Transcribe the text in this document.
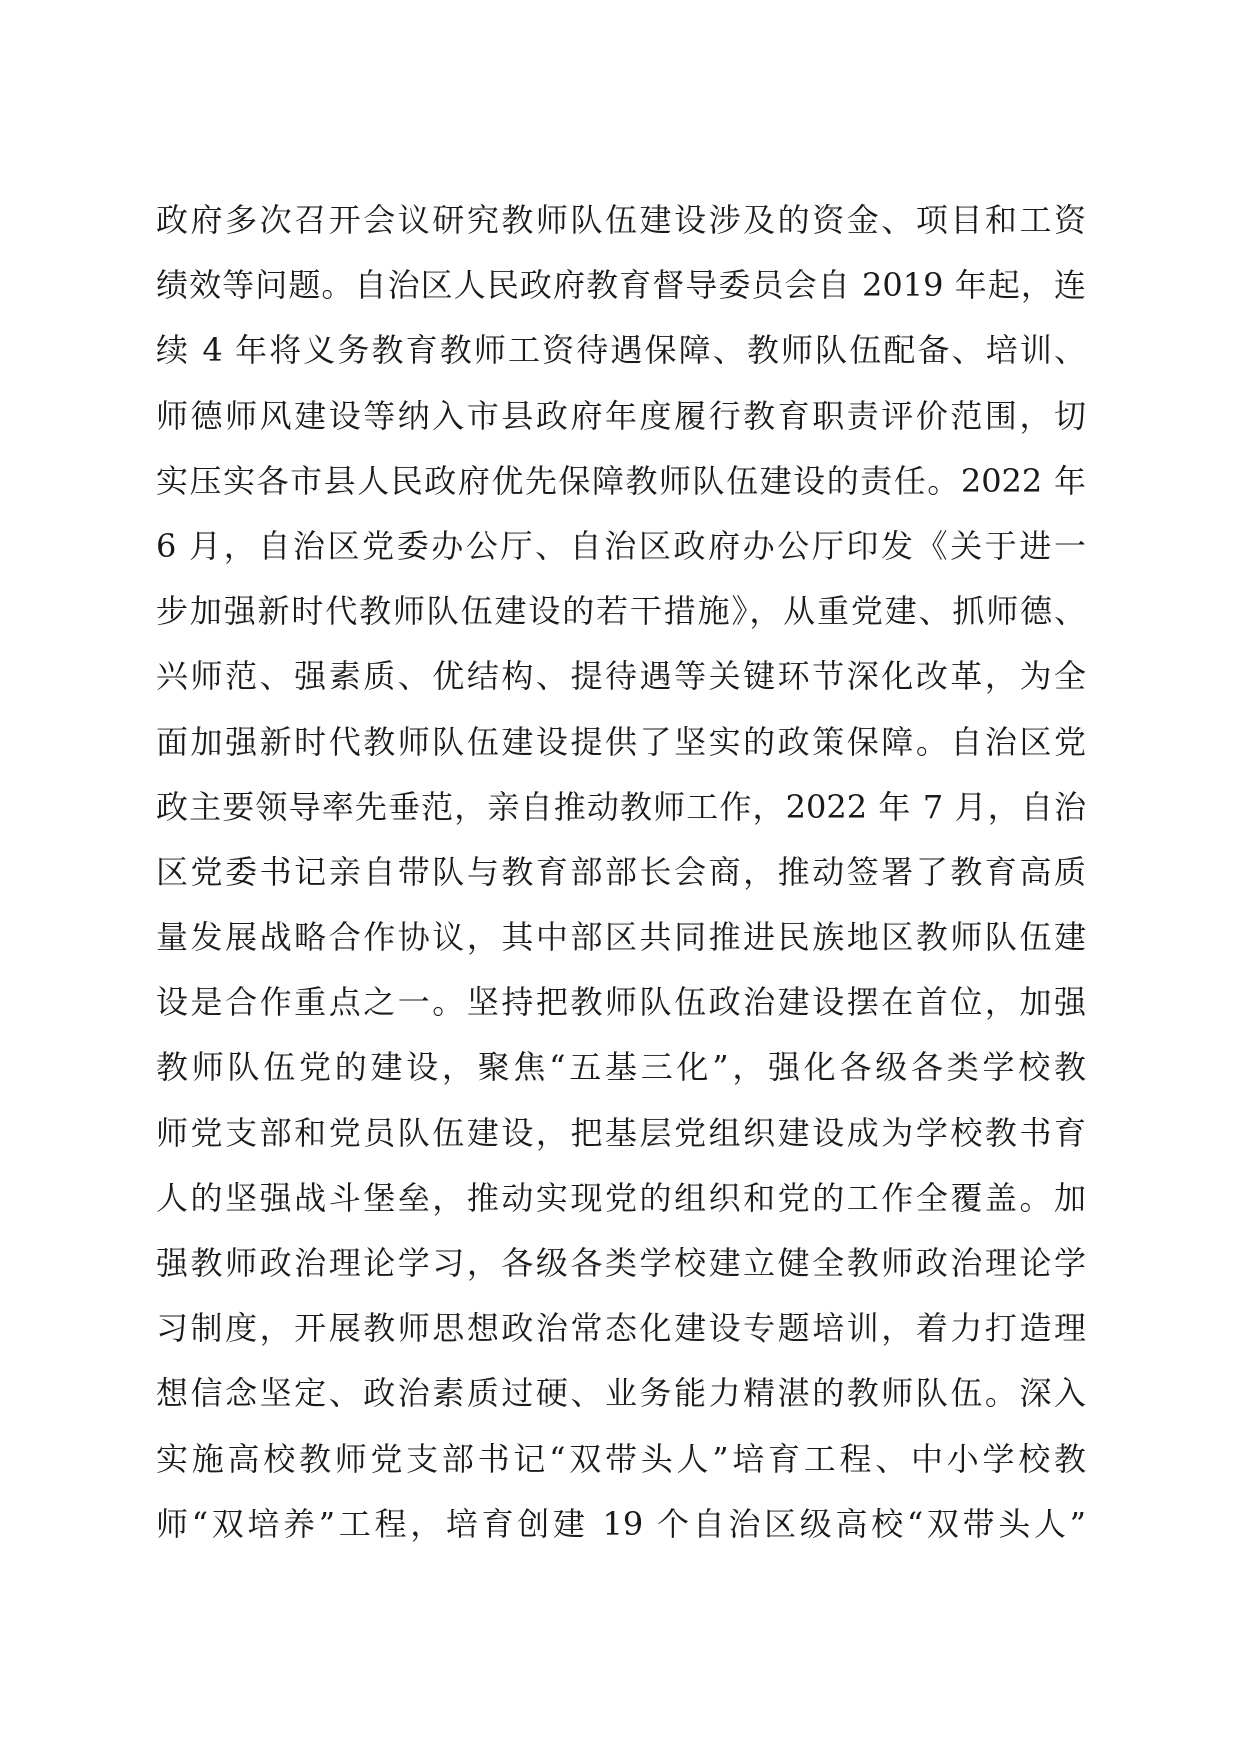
政府多次召开会议研究教师队伍建设涉及的资金、项目和工资
绩效等问题。自治区人民政府教育督导委员会自 2019 年起，连
续 4 年将义务教育教师工资待遇保障、教师队伍配备、培训、
师德师风建设等纳入市县政府年度履行教育职责评价范围，切
实压实各市县人民政府优先保障教师队伍建设的责任。2022 年
6 月，自治区党委办公厅、自治区政府办公厅印发《关于进一
步加强新时代教师队伍建设的若干措施》，从重党建、抓师德、
兴师范、强素质、优结构、提待遇等关键环节深化改革，为全
面加强新时代教师队伍建设提供了坚实的政策保障。自治区党
政主要领导率先垂范，亲自推动教师工作，2022 年 7 月，自治
区党委书记亲自带队与教育部部长会商，推动签署了教育高质
量发展战略合作协议，其中部区共同推进民族地区教师队伍建
设是合作重点之一。坚持把教师队伍政治建设摆在首位，加强
教师队伍党的建设，聚焦“五基三化”，强化各级各类学校教
师党支部和党员队伍建设，把基层党组织建设成为学校教书育
人的坚强战斗堡垒，推动实现党的组织和党的工作全覆盖。加
强教师政治理论学习，各级各类学校建立健全教师政治理论学
习制度，开展教师思想政治常态化建设专题培训，着力打造理
想信念坚定、政治素质过硬、业务能力精湛的教师队伍。深入
实施高校教师党支部书记“双带头人”培育工程、中小学校教
师“双培养”工程，培育创建 19 个自治区级高校“双带头人”
